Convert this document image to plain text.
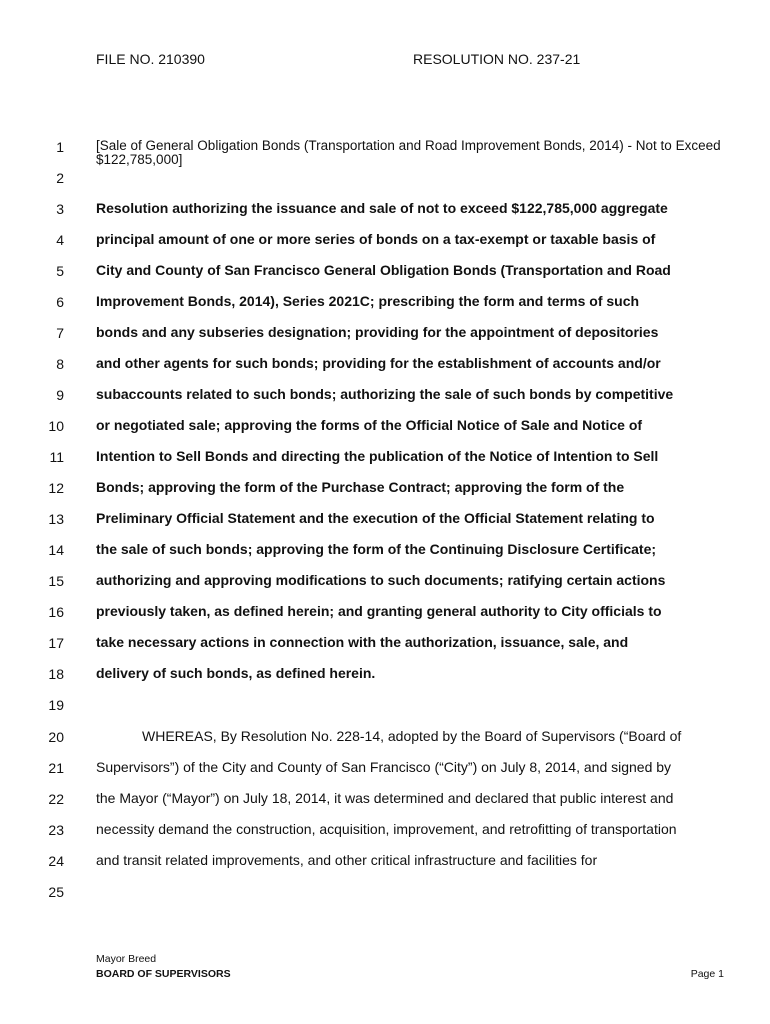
FILE NO. 210390	RESOLUTION NO. 237-21
1
2
3
4
5
6
7
8
9
10
11
12
13
14
15
16
17
18
19
20
21
22
23
24
25
[Sale of General Obligation Bonds (Transportation and Road Improvement Bonds, 2014) - Not to Exceed $122,785,000]
Resolution authorizing the issuance and sale of not to exceed $122,785,000 aggregate
principal amount of one or more series of bonds on a tax-exempt or taxable basis of
City and County of San Francisco General Obligation Bonds (Transportation and Road
Improvement Bonds, 2014), Series 2021C; prescribing the form and terms of such
bonds and any subseries designation; providing for the appointment of depositories
and other agents for such bonds; providing for the establishment of accounts and/or
subaccounts related to such bonds; authorizing the sale of such bonds by competitive
or negotiated sale; approving the forms of the Official Notice of Sale and Notice of
Intention to Sell Bonds and directing the publication of the Notice of Intention to Sell
Bonds; approving the form of the Purchase Contract; approving the form of the
Preliminary Official Statement and the execution of the Official Statement relating to
the sale of such bonds; approving the form of the Continuing Disclosure Certificate;
authorizing and approving modifications to such documents; ratifying certain actions
previously taken, as defined herein; and granting general authority to City officials to
take necessary actions in connection with the authorization, issuance, sale, and
delivery of such bonds, as defined herein.
WHEREAS, By Resolution No. 228-14, adopted by the Board of Supervisors (“Board of
Supervisors”) of the City and County of San Francisco (“City”) on July 8, 2014, and signed by
the Mayor (“Mayor”) on July 18, 2014, it was determined and declared that public interest and
necessity demand the construction, acquisition, improvement, and retrofitting of transportation
and transit related improvements, and other critical infrastructure and facilities for
Mayor Breed
BOARD OF SUPERVISORS	Page 1
